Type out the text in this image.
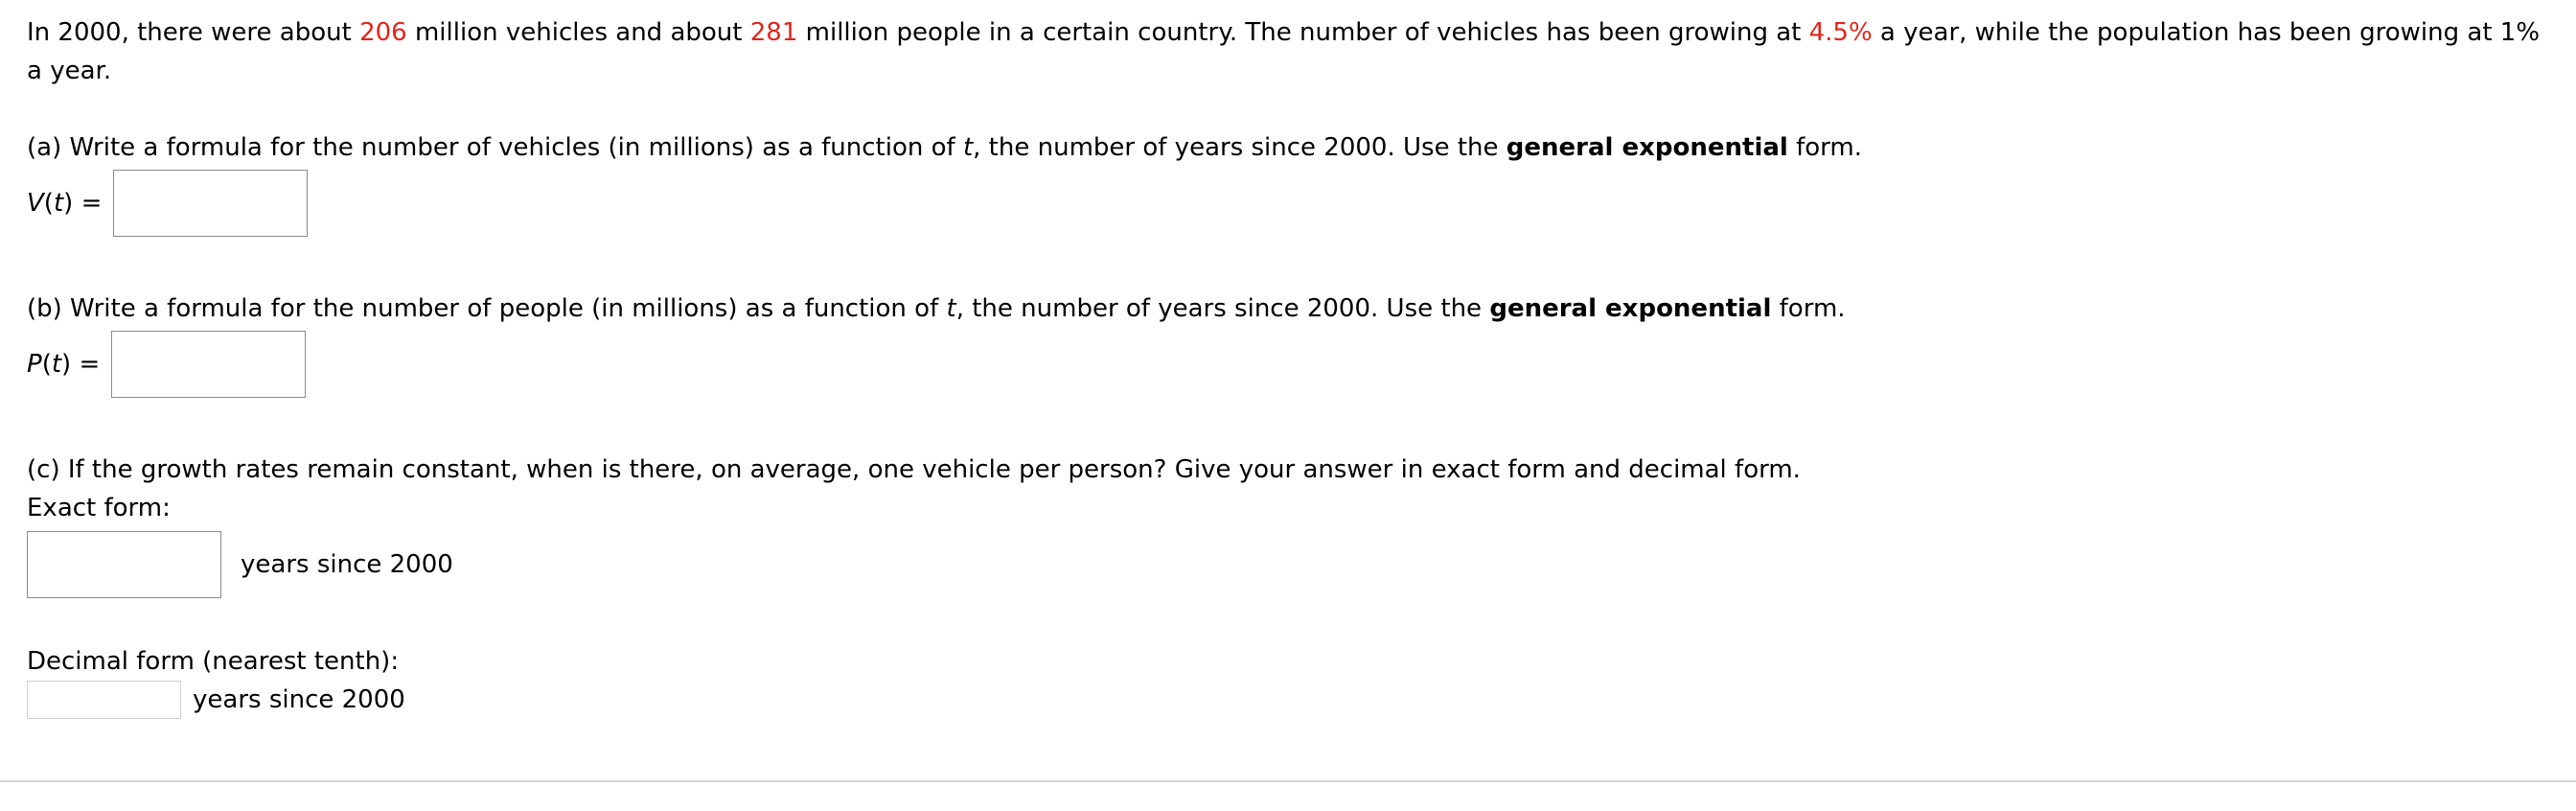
In 2000, there were about 206 million vehicles and about 281 million people in a certain country. The number of vehicles has been growing at 4.5% a year, while the population has been growing at 1% a year.

(a) Write a formula for the number of vehicles (in millions) as a function of t, the number of years since 2000. Use the general exponential form.

V(t) =

(b) Write a formula for the number of people (in millions) as a function of t, the number of years since 2000. Use the general exponential form.

P(t) =

(c) If the growth rates remain constant, when is there, on average, one vehicle per person? Give your answer in exact form and decimal form.

Exact form:

years since 2000

Decimal form (nearest tenth):

years since 2000
